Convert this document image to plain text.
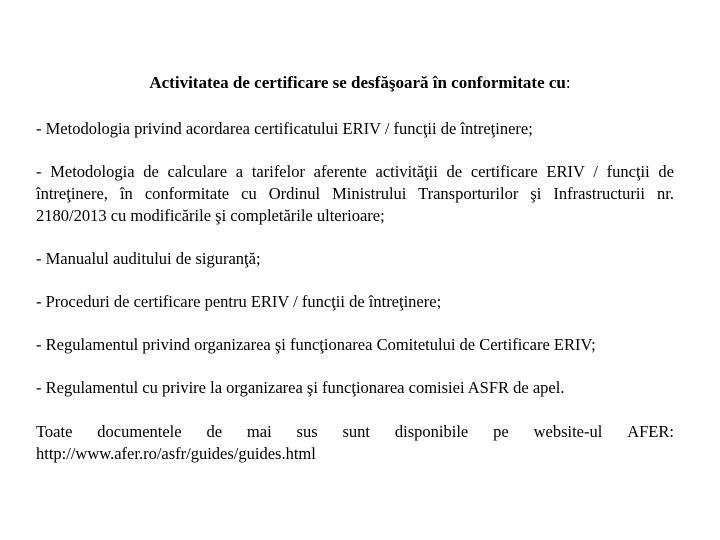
Activitatea de certificare se desfăşoară în conformitate cu:

- Metodologia privind acordarea certificatului ERIV / funcţii de întreţinere;
- Metodologia de calculare a tarifelor aferente activităţii de certificare ERIV / funcţii de întreţinere, în conformitate cu Ordinul Ministrului Transporturilor şi Infrastructurii nr. 2180/2013 cu modificările şi completările ulterioare;
- Manualul auditului de siguranţă;
- Proceduri de certificare pentru ERIV / funcţii de întreţinere;
- Regulamentul privind organizarea şi funcţionarea Comitetului de Certificare ERIV;
- Regulamentul cu privire la organizarea şi funcţionarea comisiei ASFR de apel.
Toate documentele de mai sus sunt disponibile pe website-ul AFER:
http://www.afer.ro/asfr/guides/guides.html
